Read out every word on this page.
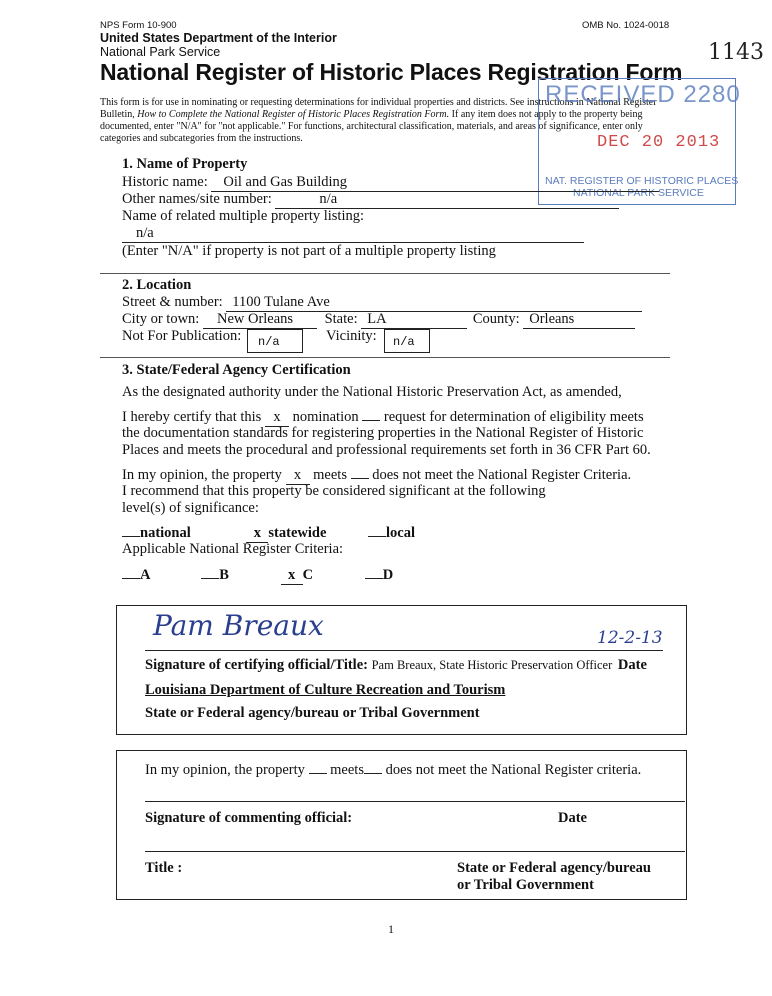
NPS Form 10-900	OMB No. 1024-0018
United States Department of the Interior
National Park Service
National Register of Historic Places Registration Form
1143
This form is for use in nominating or requesting determinations for individual properties and districts. See instructions in National Register
Bulletin, How to Complete the National Register of Historic Places Registration Form. If any item does not apply to the property being
documented, enter "N/A" for "not applicable." For functions, architectural classification, materials, and areas of significance, enter only
categories and subcategories from the instructions.
RECEIVED 2280
DEC 20 2013
NAT. REGISTER OF HISTORIC PLACES
NATIONAL PARK SERVICE
1. Name of Property
Historic name: Oil and Gas Building
Other names/site number:	n/a
Name of related multiple property listing:
n/a
(Enter "N/A" if property is not part of a multiple property listing
2. Location
Street & number: 1100 Tulane Ave
City or town: New Orleans State: LA	County: Orleans
Not For Publication:	n/a	Vicinity:	n/a
3. State/Federal Agency Certification
As the designated authority under the National Historic Preservation Act, as amended,
I hereby certify that this x nomination request for determination of eligibility meets
the documentation standards for registering properties in the National Register of Historic
Places and meets the procedural and professional requirements set forth in 36 CFR Part 60.
In my opinion, the property x meets does not meet the National Register Criteria.
I recommend that this property be considered significant at the following
level(s) of significance:
national	x statewide	local
Applicable National Register Criteria:
A	B	x C	D
Pam Breaux	12-2-13
Signature of certifying official/Title: Pam Breaux, State Historic Preservation Officer Date
Louisiana Department of Culture Recreation and Tourism
State or Federal agency/bureau or Tribal Government
In my opinion, the property meets does not meet the National Register criteria.
Signature of commenting official:	Date
Title :	State or Federal agency/bureau
or Tribal Government
1
